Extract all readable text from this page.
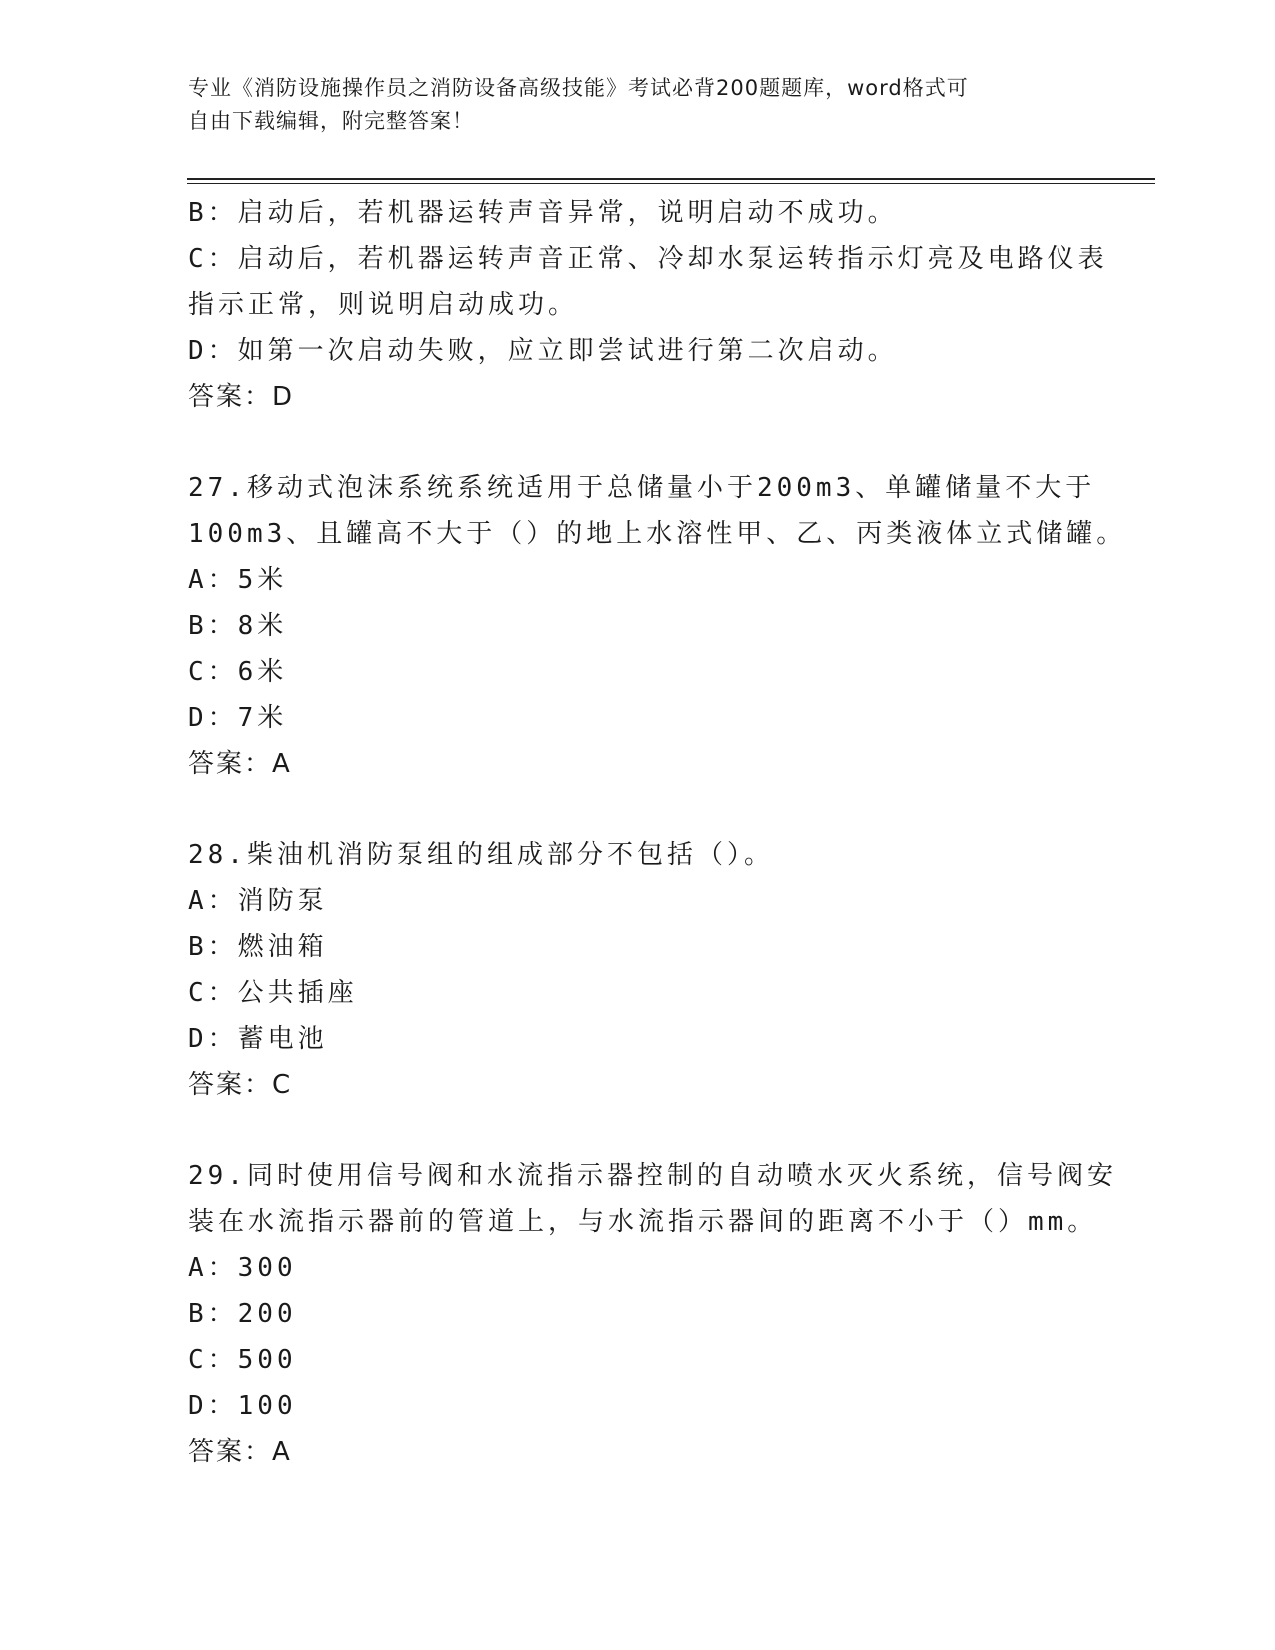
专业《消防设施操作员之消防设备高级技能》考试必背200题题库，word格式可
自由下载编辑，附完整答案！
B：启动后，若机器运转声音异常，说明启动不成功。
C：启动后，若机器运转声音正常、冷却水泵运转指示灯亮及电路仪表
指示正常，则说明启动成功。
D：如第一次启动失败，应立即尝试进行第二次启动。
答案：D
27.移动式泡沫系统系统适用于总储量小于200m3、单罐储量不大于
100m3、且罐高不大于（）的地上水溶性甲、乙、丙类液体立式储罐。
A：5米
B：8米
C：6米
D：7米
答案：A
28.柴油机消防泵组的组成部分不包括（）。
A：消防泵
B：燃油箱
C：公共插座
D：蓄电池
答案：C
29.同时使用信号阀和水流指示器控制的自动喷水灭火系统，信号阀安
装在水流指示器前的管道上，与水流指示器间的距离不小于（）mm。
A：300
B：200
C：500
D：100
答案：A
